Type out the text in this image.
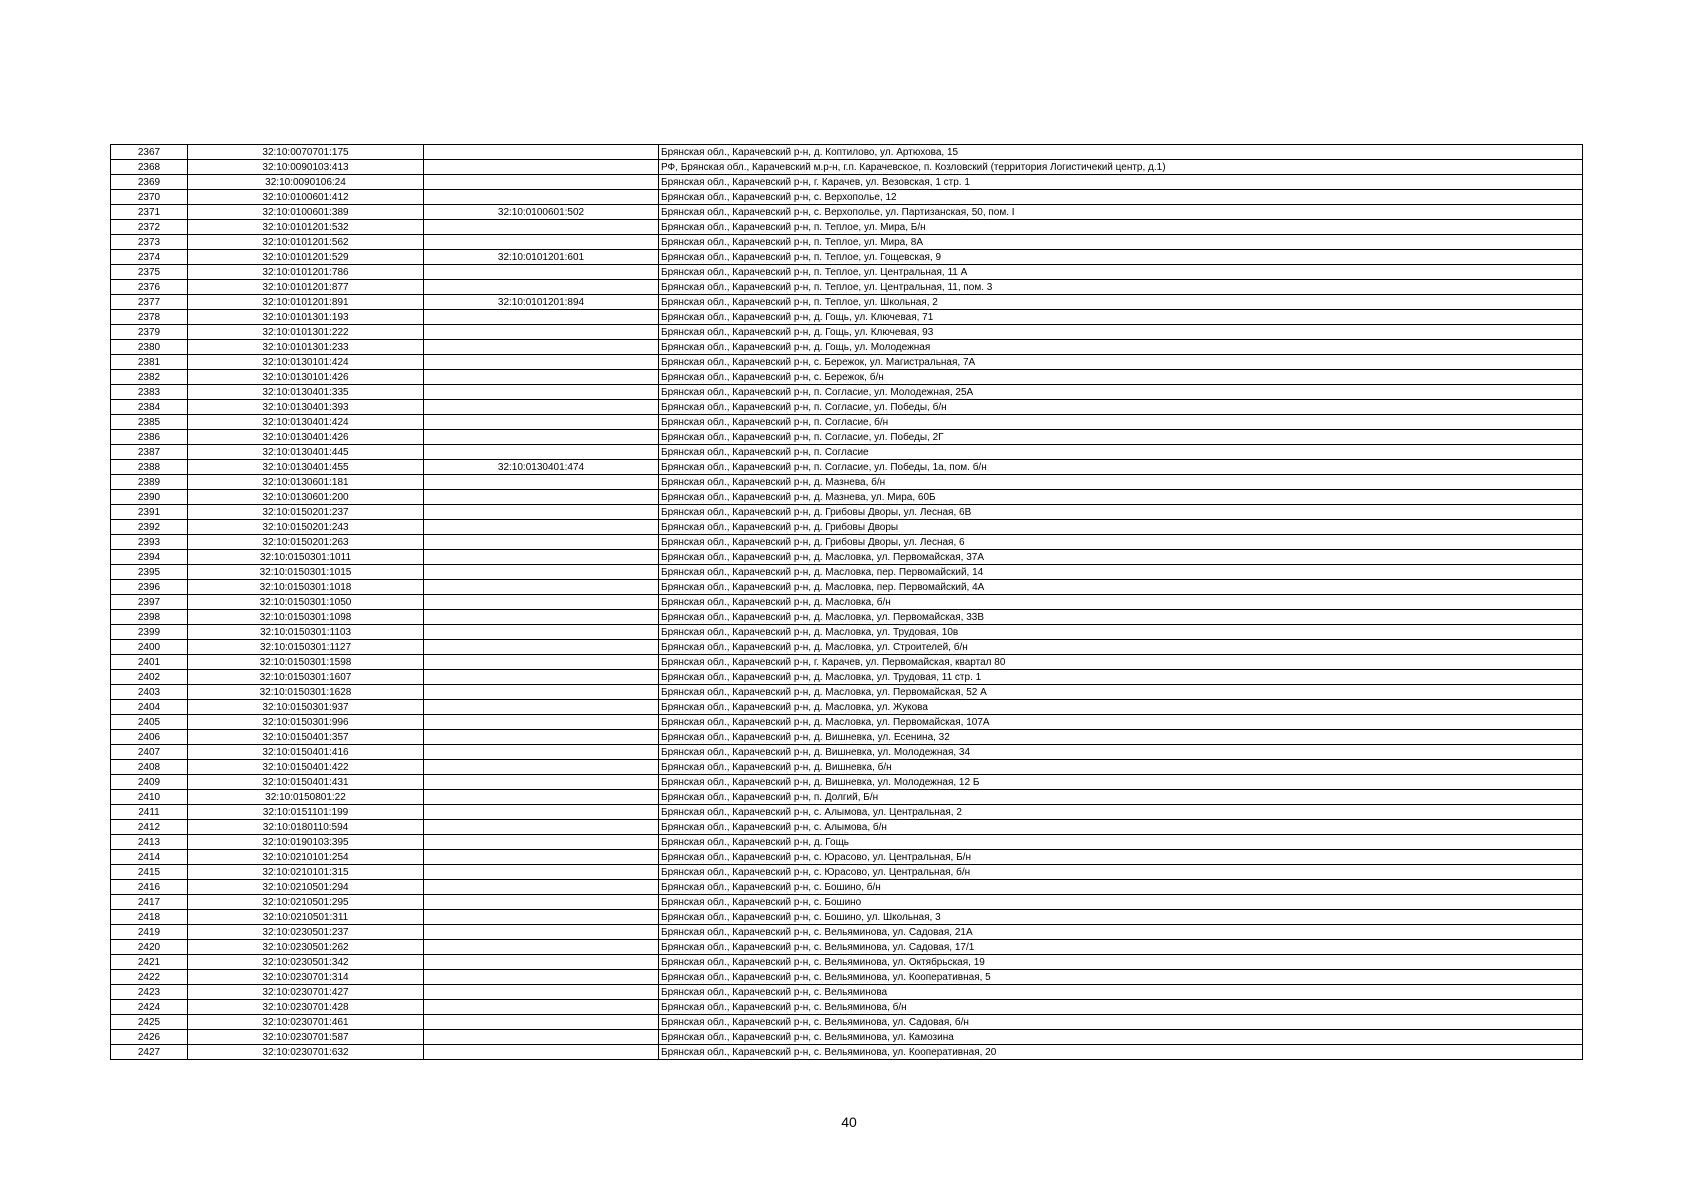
2367	32:10:0070701:175		Брянская обл., Карачевский р-н, д. Коптилово, ул. Артюхова, 15
2368	32:10:0090103:413		РФ, Брянская обл., Карачевский м.р-н, г.п. Карачевское, п. Козловский (территория Логистичекий центр, д.1)
2369	32:10:0090106:24		Брянская обл., Карачевский р-н, г. Карачев, ул. Везовская, 1 стр. 1
2370	32:10:0100601:412		Брянская обл., Карачевский р-н, с. Верхополье, 12
2371	32:10:0100601:389	32:10:0100601:502	Брянская обл., Карачевский р-н, с. Верхополье, ул. Партизанская, 50, пом. I
2372	32:10:0101201:532		Брянская обл., Карачевский р-н, п. Теплое, ул. Мира, Б/н
2373	32:10:0101201:562		Брянская обл., Карачевский р-н, п. Теплое, ул. Мира, 8А
2374	32:10:0101201:529	32:10:0101201:601	Брянская обл., Карачевский р-н, п. Теплое, ул. Гощевская, 9
2375	32:10:0101201:786		Брянская обл., Карачевский р-н, п. Теплое, ул. Центральная, 11 А
2376	32:10:0101201:877		Брянская обл., Карачевский р-н, п. Теплое, ул. Центральная, 11, пом. 3
2377	32:10:0101201:891	32:10:0101201:894	Брянская обл., Карачевский р-н, п. Теплое, ул. Школьная, 2
2378	32:10:0101301:193		Брянская обл., Карачевский р-н, д. Гощь, ул. Ключевая, 71
2379	32:10:0101301:222		Брянская обл., Карачевский р-н, д. Гощь, ул. Ключевая, 93
2380	32:10:0101301:233		Брянская обл., Карачевский р-н, д. Гощь, ул. Молодежная
2381	32:10:0130101:424		Брянская обл., Карачевский р-н, с. Бережок, ул. Магистральная, 7А
2382	32:10:0130101:426		Брянская обл., Карачевский р-н, с. Бережок, б/н
2383	32:10:0130401:335		Брянская обл., Карачевский р-н, п. Согласие, ул. Молодежная, 25А
2384	32:10:0130401:393		Брянская обл., Карачевский р-н, п. Согласие, ул. Победы, б/н
2385	32:10:0130401:424		Брянская обл., Карачевский р-н, п. Согласие, б/н
2386	32:10:0130401:426		Брянская обл., Карачевский р-н, п. Согласие, ул. Победы, 2Г
2387	32:10:0130401:445		Брянская обл., Карачевский р-н, п. Согласие
2388	32:10:0130401:455	32:10:0130401:474	Брянская обл., Карачевский р-н, п. Согласие, ул. Победы, 1а, пом. б/н
2389	32:10:0130601:181		Брянская обл., Карачевский р-н, д. Мазнева, б/н
2390	32:10:0130601:200		Брянская обл., Карачевский р-н, д. Мазнева, ул. Мира, 60Б
2391	32:10:0150201:237		Брянская обл., Карачевский р-н, д. Грибовы Дворы, ул. Лесная, 6В
2392	32:10:0150201:243		Брянская обл., Карачевский р-н, д. Грибовы Дворы
2393	32:10:0150201:263		Брянская обл., Карачевский р-н, д. Грибовы Дворы, ул. Лесная, 6
2394	32:10:0150301:1011		Брянская обл., Карачевский р-н, д. Масловка, ул. Первомайская, 37А
2395	32:10:0150301:1015		Брянская обл., Карачевский р-н, д. Масловка, пер. Первомайский, 14
2396	32:10:0150301:1018		Брянская обл., Карачевский р-н, д. Масловка, пер. Первомайский, 4А
2397	32:10:0150301:1050		Брянская обл., Карачевский р-н, д. Масловка, б/н
2398	32:10:0150301:1098		Брянская обл., Карачевский р-н, д. Масловка, ул. Первомайская, 33В
2399	32:10:0150301:1103		Брянская обл., Карачевский р-н, д. Масловка, ул. Трудовая, 10в
2400	32:10:0150301:1127		Брянская обл., Карачевский р-н, д. Масловка, ул. Строителей, б/н
2401	32:10:0150301:1598		Брянская обл., Карачевский р-н, г. Карачев, ул. Первомайская, квартал 80
2402	32:10:0150301:1607		Брянская обл., Карачевский р-н, д. Масловка, ул. Трудовая, 11 стр. 1
2403	32:10:0150301:1628		Брянская обл., Карачевский р-н, д. Масловка, ул. Первомайская, 52 А
2404	32:10:0150301:937		Брянская обл., Карачевский р-н, д. Масловка, ул. Жукова
2405	32:10:0150301:996		Брянская обл., Карачевский р-н, д. Масловка, ул. Первомайская, 107А
2406	32:10:0150401:357		Брянская обл., Карачевский р-н, д. Вишневка, ул. Есенина, 32
2407	32:10:0150401:416		Брянская обл., Карачевский р-н, д. Вишневка, ул. Молодежная, 34
2408	32:10:0150401:422		Брянская обл., Карачевский р-н, д. Вишневка, б/н
2409	32:10:0150401:431		Брянская обл., Карачевский р-н, д. Вишневка, ул. Молодежная, 12 Б
2410	32:10:0150801:22		Брянская обл., Карачевский р-н, п. Долгий, Б/н
2411	32:10:0151101:199		Брянская обл., Карачевский р-н, с. Алымова, ул. Центральная, 2
2412	32:10:0180110:594		Брянская обл., Карачевский р-н, с. Алымова, б/н
2413	32:10:0190103:395		Брянская обл., Карачевский р-н, д. Гощь
2414	32:10:0210101:254		Брянская обл., Карачевский р-н, с. Юрасово, ул. Центральная, Б/н
2415	32:10:0210101:315		Брянская обл., Карачевский р-н, с. Юрасово, ул. Центральная, б/н
2416	32:10:0210501:294		Брянская обл., Карачевский р-н, с. Бошино, б/н
2417	32:10:0210501:295		Брянская обл., Карачевский р-н, с. Бошино
2418	32:10:0210501:311		Брянская обл., Карачевский р-н, с. Бошино, ул. Школьная, 3
2419	32:10:0230501:237		Брянская обл., Карачевский р-н, с. Вельяминова, ул. Садовая, 21А
2420	32:10:0230501:262		Брянская обл., Карачевский р-н, с. Вельяминова, ул. Садовая, 17/1
2421	32:10:0230501:342		Брянская обл., Карачевский р-н, с. Вельяминова, ул. Октябрьская, 19
2422	32:10:0230701:314		Брянская обл., Карачевский р-н, с. Вельяминова, ул. Кооперативная, 5
2423	32:10:0230701:427		Брянская обл., Карачевский р-н, с. Вельяминова
2424	32:10:0230701:428		Брянская обл., Карачевский р-н, с. Вельяминова, б/н
2425	32:10:0230701:461		Брянская обл., Карачевский р-н, с. Вельяминова, ул. Садовая, б/н
2426	32:10:0230701:587		Брянская обл., Карачевский р-н, с. Вельяминова, ул. Камозина
2427	32:10:0230701:632		Брянская обл., Карачевский р-н, с. Вельяминова, ул. Кооперативная, 20
40
